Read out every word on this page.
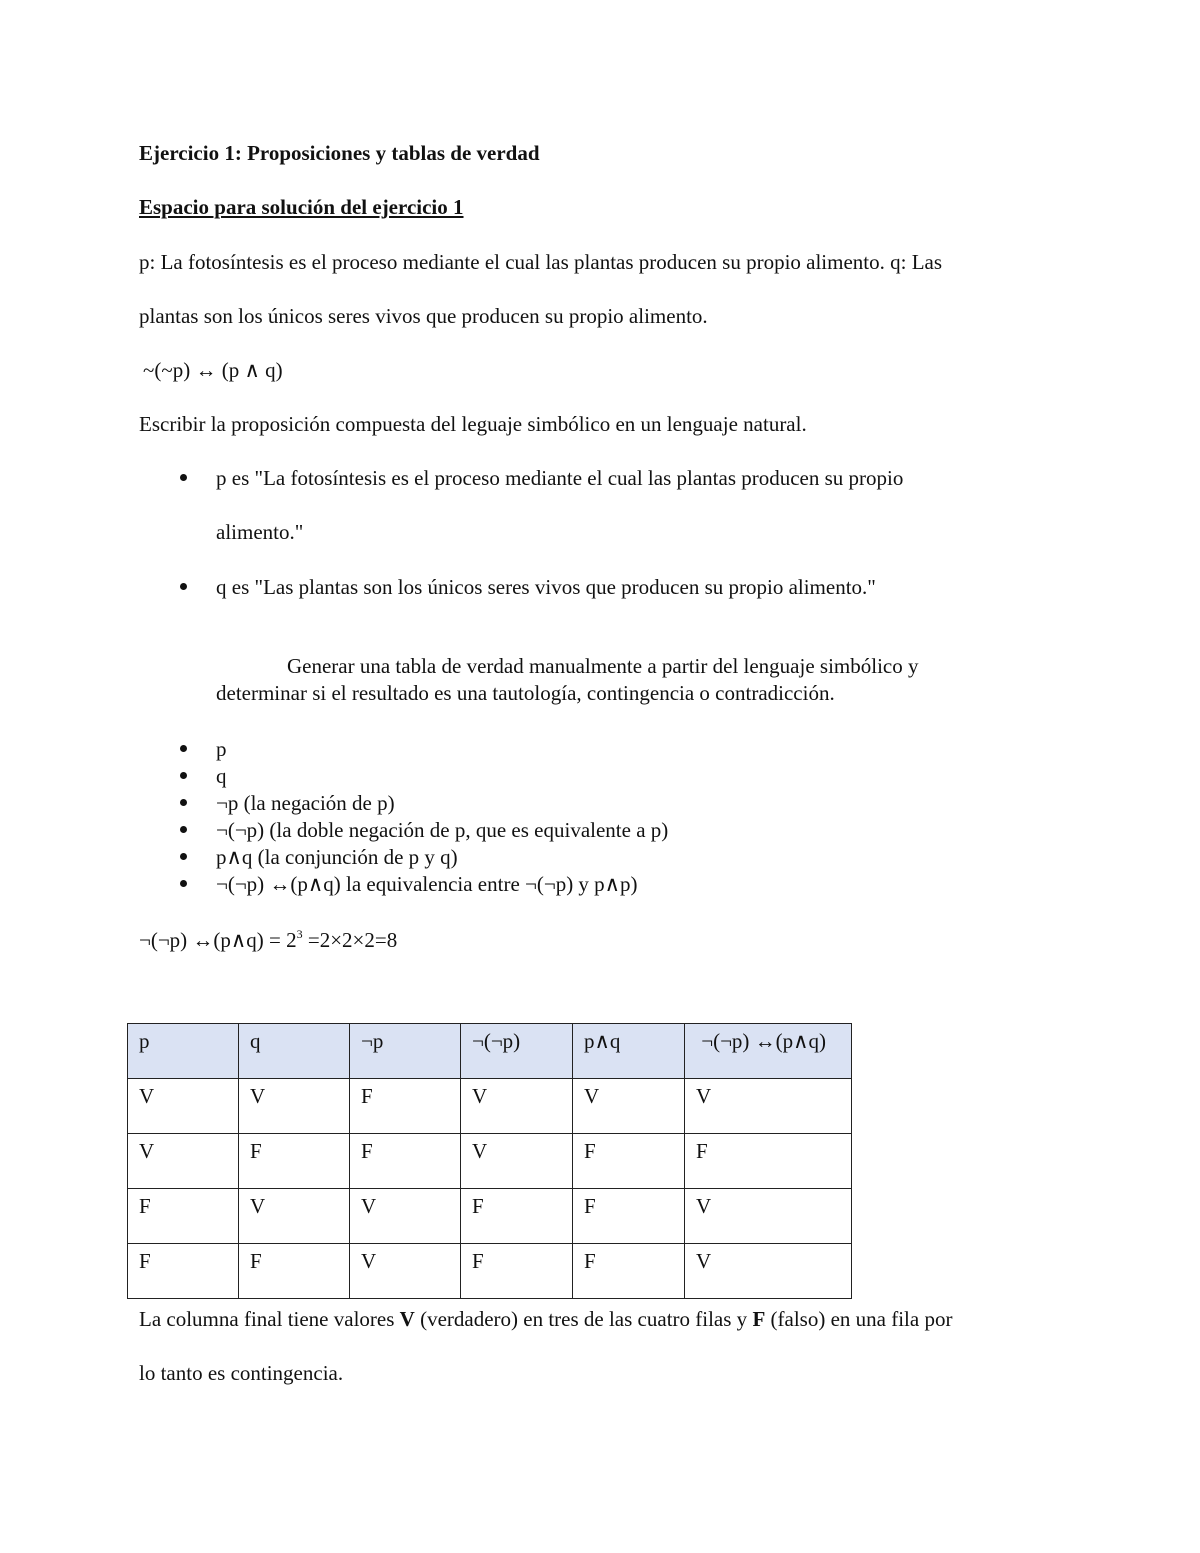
Ejercicio 1: Proposiciones y tablas de verdad
Espacio para solución del ejercicio 1
p: La fotosíntesis es el proceso mediante el cual las plantas producen su propio alimento. q: Las
plantas son los únicos seres vivos que producen su propio alimento.
~(~p) ↔ (p ∧ q)
Escribir la proposición compuesta del leguaje simbólico en un lenguaje natural.
p es "La fotosíntesis es el proceso mediante el cual las plantas producen su propio
alimento."
q es "Las plantas son los únicos seres vivos que producen su propio alimento."
Generar una tabla de verdad manualmente a partir del lenguaje simbólico y
determinar si el resultado es una tautología, contingencia o contradicción.
p
q
¬p (la negación de p)
¬(¬p) (la doble negación de p, que es equivalente a p)
p∧q (la conjunción de p y q)
¬(¬p) ↔(p∧q) la equivalencia entre ¬(¬p) y p∧p)
¬(¬p) ↔(p∧q) = $2^3 =2\times 2\times 2=8$
p	q	¬p	¬(¬p)	p∧q	¬(¬p) ↔(p∧q)
V	V	F	V	V	V
V	F	F	V	F	F
F	V	V	F	F	V
F	F	V	F	F	V
La columna final tiene valores V (verdadero) en tres de las cuatro filas y F (falso) en una fila por
lo tanto es contingencia.
